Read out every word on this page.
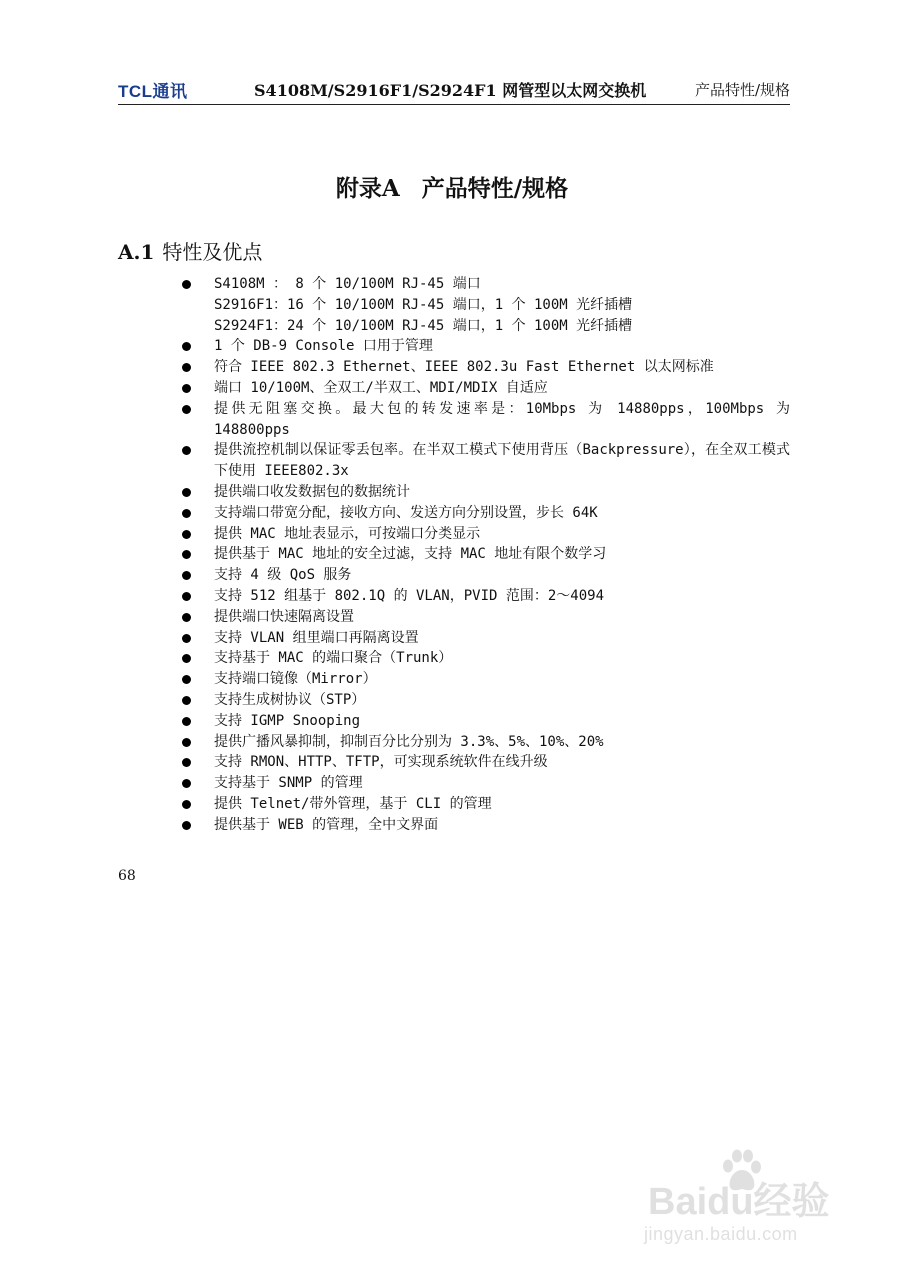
TCL通讯	S4108M/S2916F1/S2924F1 网管型以太网交换机	产品特性/规格
附录A 产品特性/规格
A.1 特性及优点
S4108M ： 8 个 10/100M RJ-45 端口
S2916F1：16 个 10/100M RJ-45 端口，1 个 100M 光纤插槽
S2924F1：24 个 10/100M RJ-45 端口，1 个 100M 光纤插槽
1 个 DB-9 Console 口用于管理
符合 IEEE 802.3 Ethernet、IEEE 802.3u Fast Ethernet 以太网标准
端口 10/100M、全双工/半双工、MDI/MDIX 自适应
提供无阻塞交换。最大包的转发速率是：10Mbps 为 14880pps，100Mbps 为 148800pps
提供流控机制以保证零丢包率。在半双工模式下使用背压（Backpressure），在全双工模式下使用 IEEE802.3x
提供端口收发数据包的数据统计
支持端口带宽分配，接收方向、发送方向分别设置，步长 64K
提供 MAC 地址表显示，可按端口分类显示
提供基于 MAC 地址的安全过滤，支持 MAC 地址有限个数学习
支持 4 级 QoS 服务
支持 512 组基于 802.1Q 的 VLAN，PVID 范围：2～4094
提供端口快速隔离设置
支持 VLAN 组里端口再隔离设置
支持基于 MAC 的端口聚合（Trunk）
支持端口镜像（Mirror）
支持生成树协议（STP）
支持 IGMP Snooping
提供广播风暴抑制，抑制百分比分别为 3.3%、5%、10%、20%
支持 RMON、HTTP、TFTP，可实现系统软件在线升级
支持基于 SNMP 的管理
提供 Telnet/带外管理，基于 CLI 的管理
提供基于 WEB 的管理，全中文界面
68
Baidu经验
jingyan.baidu.com
